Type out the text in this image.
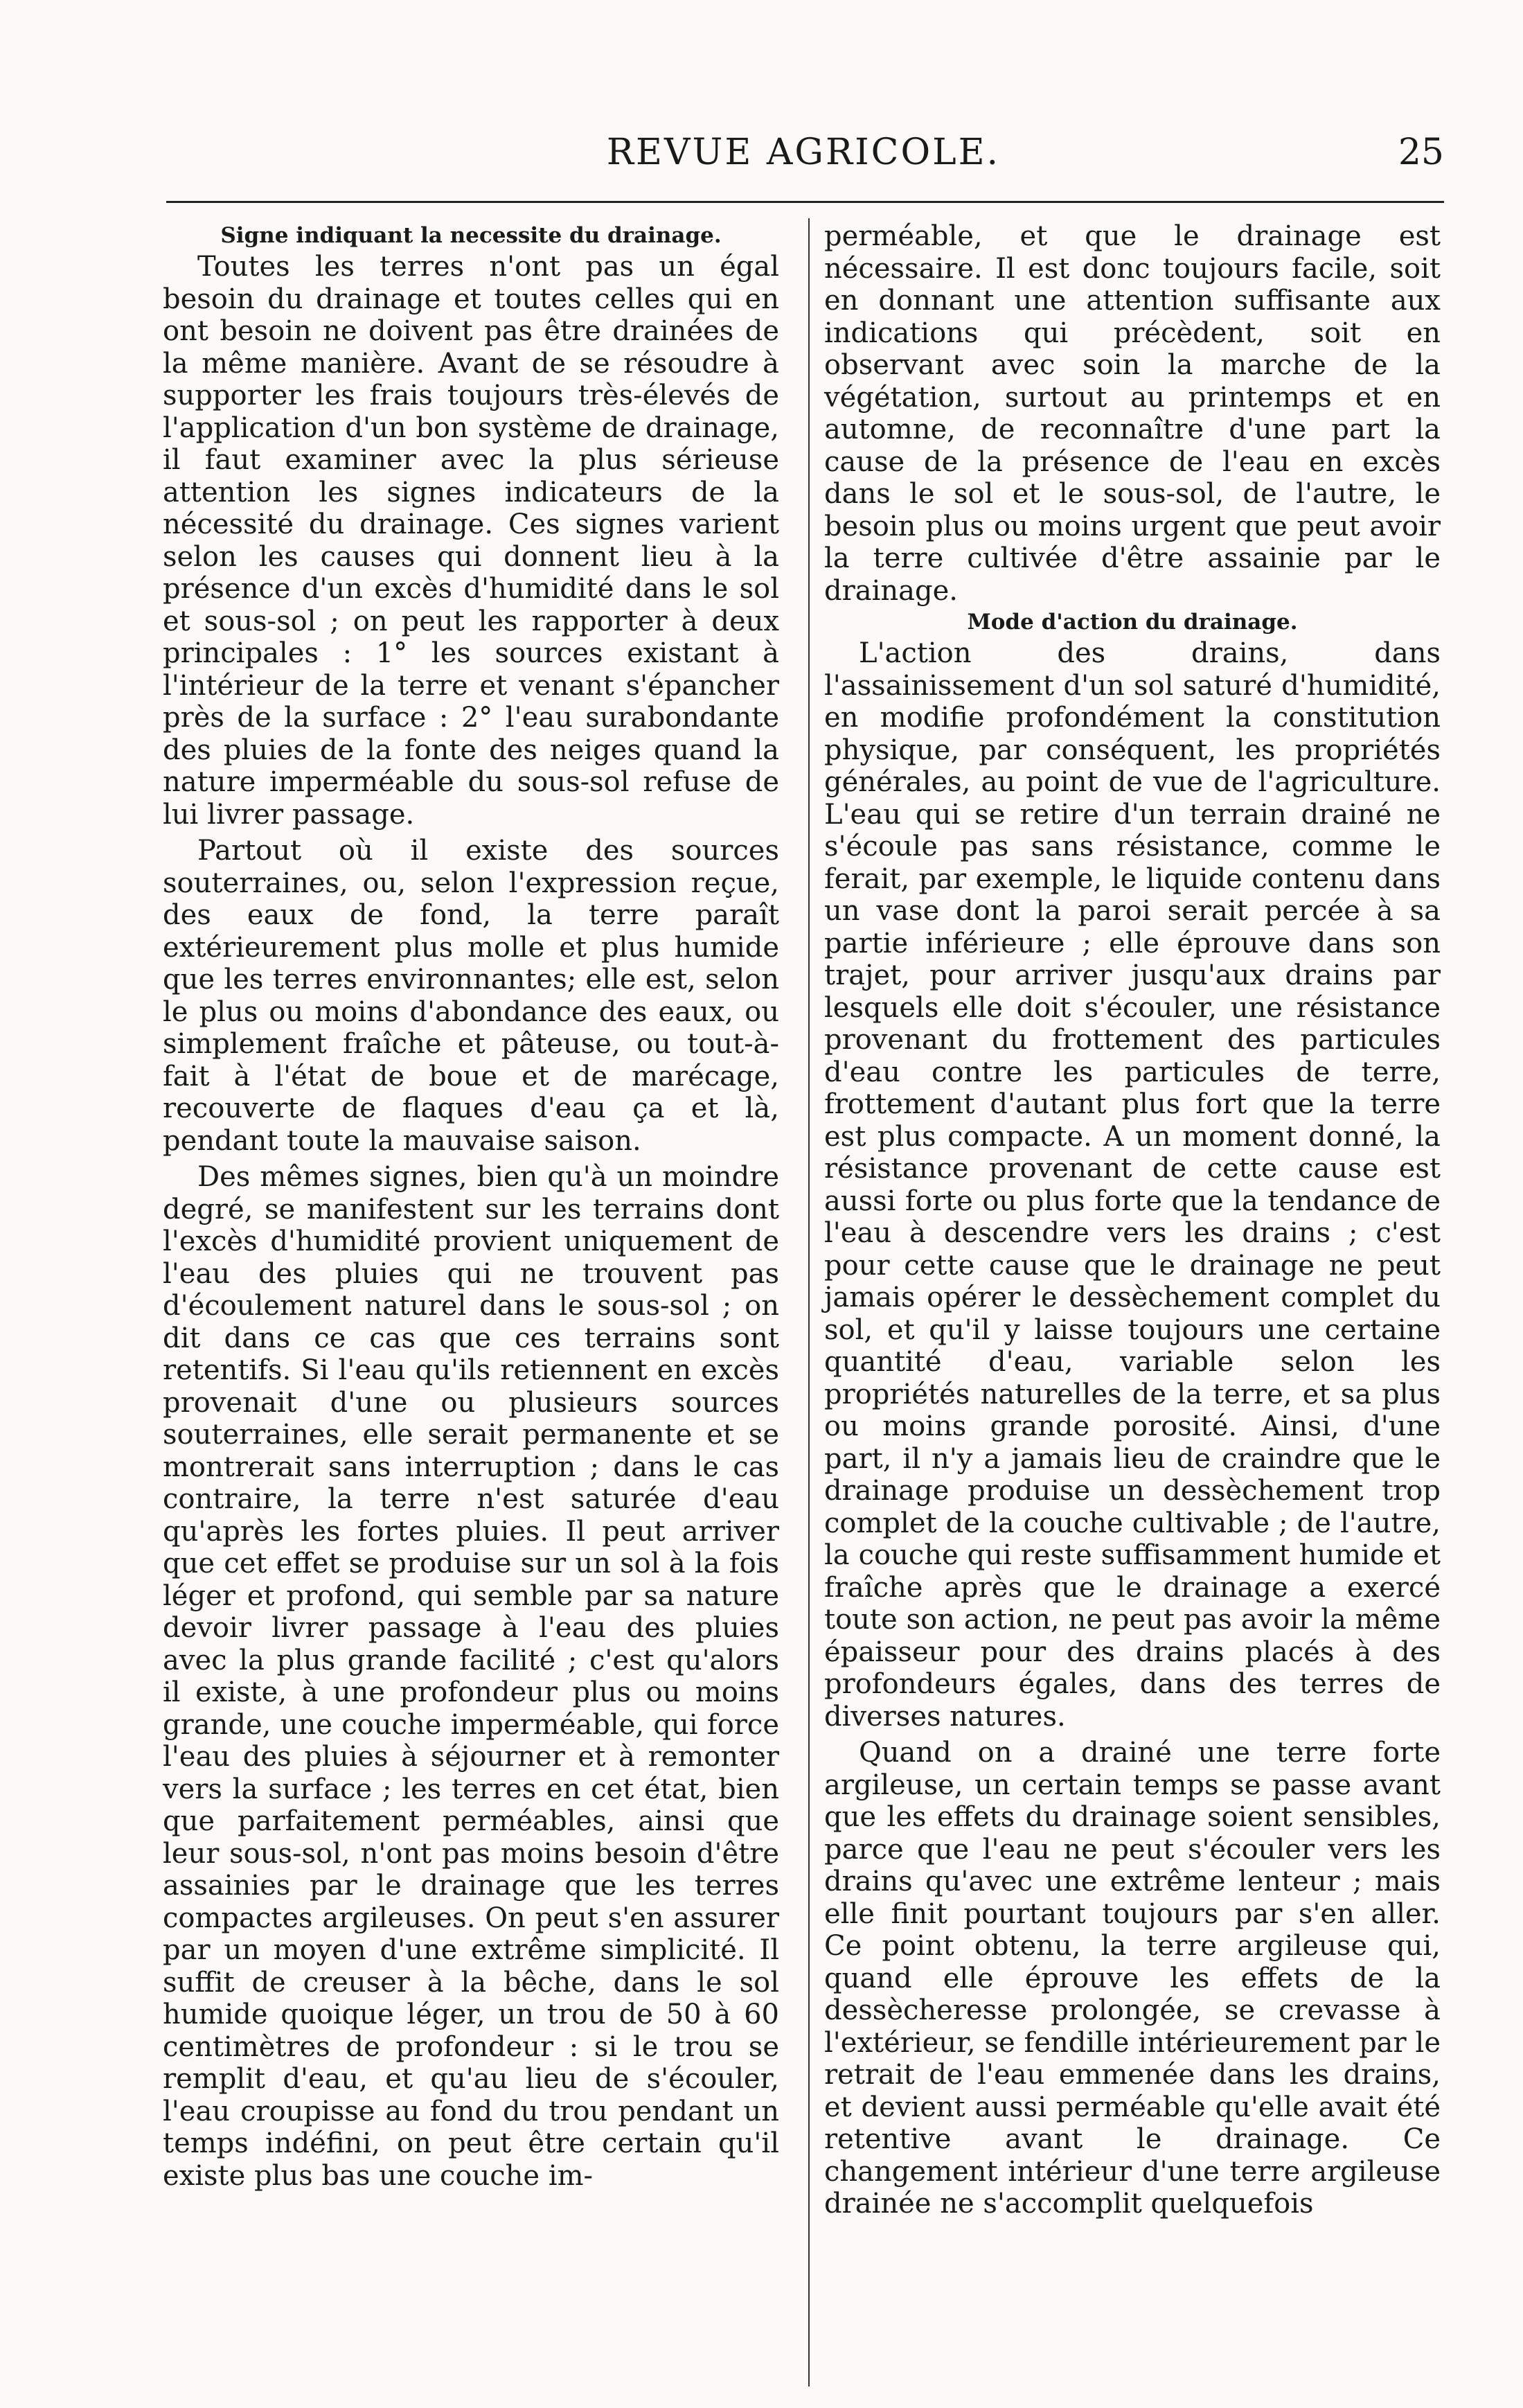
REVUE AGRICOLE.	25

Signe indiquant la necessite du drainage.

Toutes les terres n'ont pas un égal besoin du drainage et toutes celles qui en ont besoin ne doivent pas être drainées de la même manière. Avant de se résoudre à supporter les frais toujours très-élevés de l'application d'un bon système de drainage, il faut examiner avec la plus sérieuse attention les signes indicateurs de la nécessité du drainage. Ces signes varient selon les causes qui donnent lieu à la présence d'un excès d'humidité dans le sol et sous-sol ; on peut les rapporter à deux principales : 1° les sources existant à l'intérieur de la terre et venant s'épancher près de la surface : 2° l'eau surabondante des pluies de la fonte des neiges quand la nature imperméable du sous-sol refuse de lui livrer passage.

Partout où il existe des sources souterraines, ou, selon l'expression reçue, des eaux de fond, la terre paraît extérieurement plus molle et plus humide que les terres environnantes; elle est, selon le plus ou moins d'abondance des eaux, ou simplement fraîche et pâteuse, ou tout-à-fait à l'état de boue et de marécage, recouverte de flaques d'eau ça et là, pendant toute la mauvaise saison.

Des mêmes signes, bien qu'à un moindre degré, se manifestent sur les terrains dont l'excès d'humidité provient uniquement de l'eau des pluies qui ne trouvent pas d'écoulement naturel dans le sous-sol ; on dit dans ce cas que ces terrains sont retentifs. Si l'eau qu'ils retiennent en excès provenait d'une ou plusieurs sources souterraines, elle serait permanente et se montrerait sans interruption ; dans le cas contraire, la terre n'est saturée d'eau qu'après les fortes pluies. Il peut arriver que cet effet se produise sur un sol à la fois léger et profond, qui semble par sa nature devoir livrer passage à l'eau des pluies avec la plus grande facilité ; c'est qu'alors il existe, à une profondeur plus ou moins grande, une couche imperméable, qui force l'eau des pluies à séjourner et à remonter vers la surface ; les terres en cet état, bien que parfaitement perméables, ainsi que leur sous-sol, n'ont pas moins besoin d'être assainies par le drainage que les terres compactes argileuses. On peut s'en assurer par un moyen d'une extrême simplicité. Il suffit de creuser à la bêche, dans le sol humide quoique léger, un trou de 50 à 60 centimètres de profondeur : si le trou se remplit d'eau, et qu'au lieu de s'écouler, l'eau croupisse au fond du trou pendant un temps indéfini, on peut être certain qu'il existe plus bas une couche im-

perméable, et que le drainage est nécessaire. Il est donc toujours facile, soit en donnant une attention suffisante aux indications qui précèdent, soit en observant avec soin la marche de la végétation, surtout au printemps et en automne, de reconnaître d'une part la cause de la présence de l'eau en excès dans le sol et le sous-sol, de l'autre, le besoin plus ou moins urgent que peut avoir la terre cultivée d'être assainie par le drainage.

Mode d'action du drainage.

L'action des drains, dans l'assainissement d'un sol saturé d'humidité, en modifie profondément la constitution physique, par conséquent, les propriétés générales, au point de vue de l'agriculture. L'eau qui se retire d'un terrain drainé ne s'écoule pas sans résistance, comme le ferait, par exemple, le liquide contenu dans un vase dont la paroi serait percée à sa partie inférieure ; elle éprouve dans son trajet, pour arriver jusqu'aux drains par lesquels elle doit s'écouler, une résistance provenant du frottement des particules d'eau contre les particules de terre, frottement d'autant plus fort que la terre est plus compacte. A un moment donné, la résistance provenant de cette cause est aussi forte ou plus forte que la tendance de l'eau à descendre vers les drains ; c'est pour cette cause que le drainage ne peut jamais opérer le dessèchement complet du sol, et qu'il y laisse toujours une certaine quantité d'eau, variable selon les propriétés naturelles de la terre, et sa plus ou moins grande porosité. Ainsi, d'une part, il n'y a jamais lieu de craindre que le drainage produise un dessèchement trop complet de la couche cultivable ; de l'autre, la couche qui reste suffisamment humide et fraîche après que le drainage a exercé toute son action, ne peut pas avoir la même épaisseur pour des drains placés à des profondeurs égales, dans des terres de diverses natures.

Quand on a drainé une terre forte argileuse, un certain temps se passe avant que les effets du drainage soient sensibles, parce que l'eau ne peut s'écouler vers les drains qu'avec une extrême lenteur ; mais elle finit pourtant toujours par s'en aller. Ce point obtenu, la terre argileuse qui, quand elle éprouve les effets de la dessècheresse prolongée, se crevasse à l'extérieur, se fendille intérieurement par le retrait de l'eau emmenée dans les drains, et devient aussi perméable qu'elle avait été retentive avant le drainage. Ce changement intérieur d'une terre argileuse drainée ne s'accomplit quelquefois
